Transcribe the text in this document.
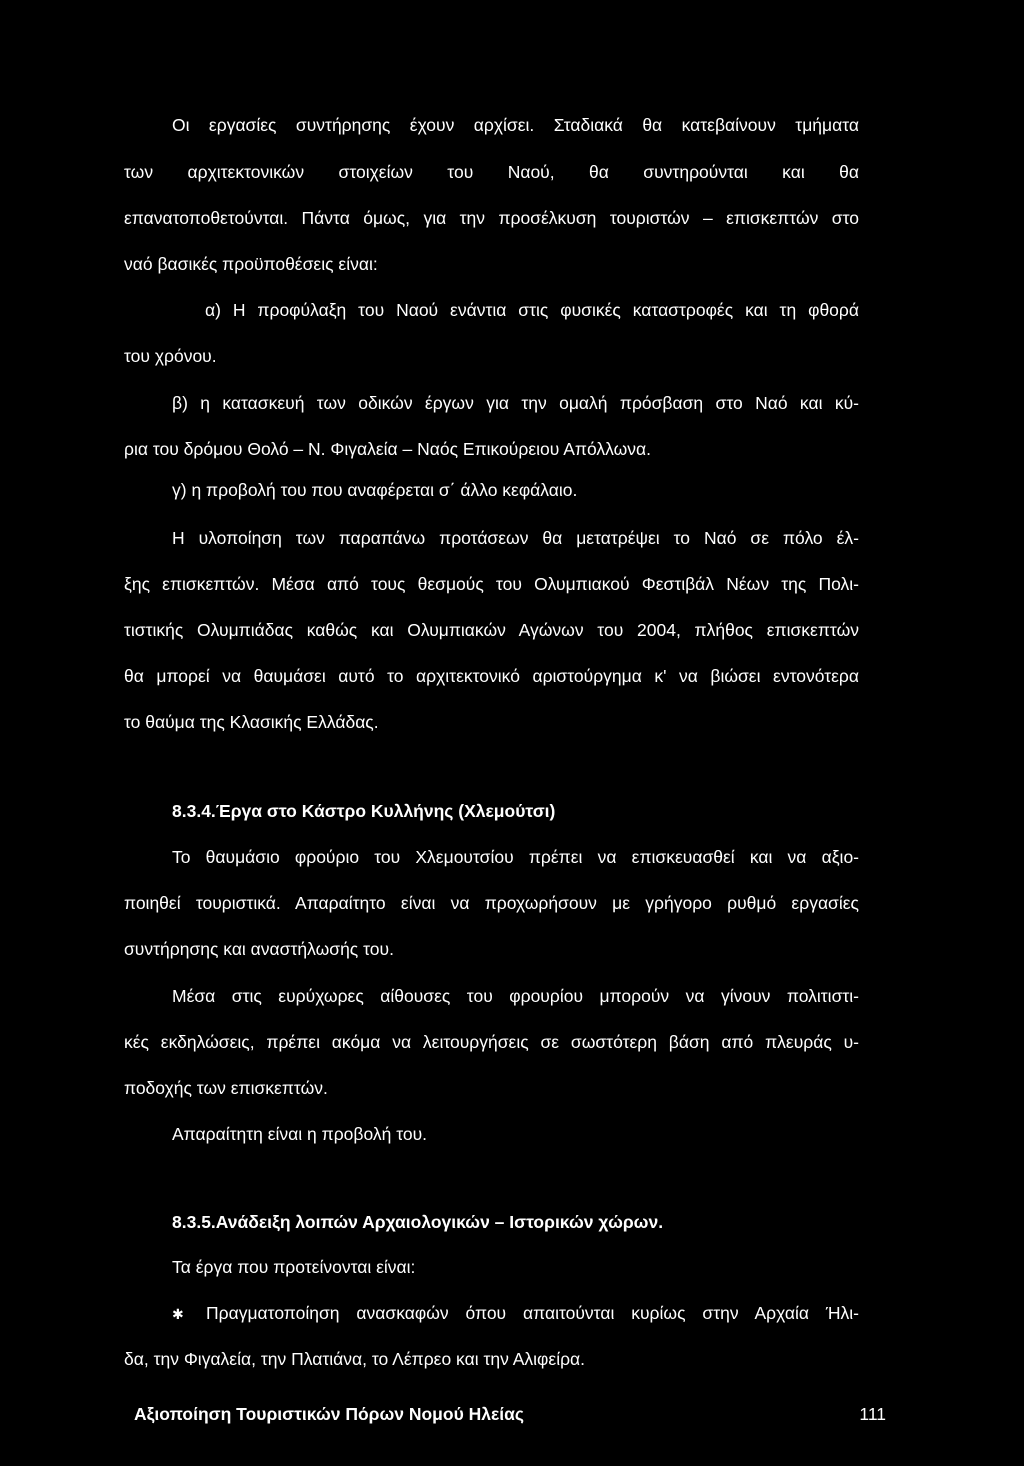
Οι εργασίες συντήρησης έχουν αρχίσει. Σταδιακά θα κατεβαίνουν τμήματα
των αρχιτεκτονικών στοιχείων του Ναού, θα συντηρούνται και θα
επανατοποθετούνται. Πάντα όμως, για την προσέλκυση τουριστών – επισκεπτών στο
ναό βασικές προϋποθέσεις είναι:
α) Η προφύλαξη του Ναού ενάντια στις φυσικές καταστροφές και τη φθορά
του χρόνου.
β) η κατασκευή των οδικών έργων για την ομαλή πρόσβαση στο Ναό και κύ-
ρια του δρόμου Θολό – Ν. Φιγαλεία – Ναός Επικούρειου Απόλλωνα.
γ) η προβολή του που αναφέρεται σ΄ άλλο κεφάλαιο.
Η υλοποίηση των παραπάνω προτάσεων θα μετατρέψει το Ναό σε πόλο έλ-
ξης επισκεπτών. Μέσα από τους θεσμούς του Ολυμπιακού Φεστιβάλ Νέων της Πολι-
τιστικής Ολυμπιάδας καθώς και Ολυμπιακών Αγώνων του 2004, πλήθος επισκεπτών
θα μπορεί να θαυμάσει αυτό το αρχιτεκτονικό αριστούργημα κ' να βιώσει εντονότερα
το θαύμα της Κλασικής Ελλάδας.
8.3.4.Έργα στο Κάστρο Κυλλήνης (Χλεμούτσι)
Το θαυμάσιο φρούριο του Χλεμουτσίου πρέπει να επισκευασθεί και να αξιο-
ποιηθεί τουριστικά. Απαραίτητο είναι να προχωρήσουν με γρήγορο ρυθμό εργασίες
συντήρησης και αναστήλωσής του.
Μέσα στις ευρύχωρες αίθουσες του φρουρίου μπορούν να γίνουν πολιτιστι-
κές εκδηλώσεις, πρέπει ακόμα να λειτουργήσεις σε σωστότερη βάση από πλευράς υ-
ποδοχής των επισκεπτών.
Απαραίτητη είναι η προβολή του.
8.3.5.Ανάδειξη λοιπών Αρχαιολογικών – Ιστορικών χώρων.
Τα έργα που προτείνονται είναι:
✱ Πραγματοποίηση ανασκαφών όπου απαιτούνται κυρίως στην Αρχαία Ήλι-
δα, την Φιγαλεία, την Πλατιάνα, το Λέπρεο και την Αλιφείρα.
Αξιοποίηση Τουριστικών Πόρων Νομού Ηλείας	111
